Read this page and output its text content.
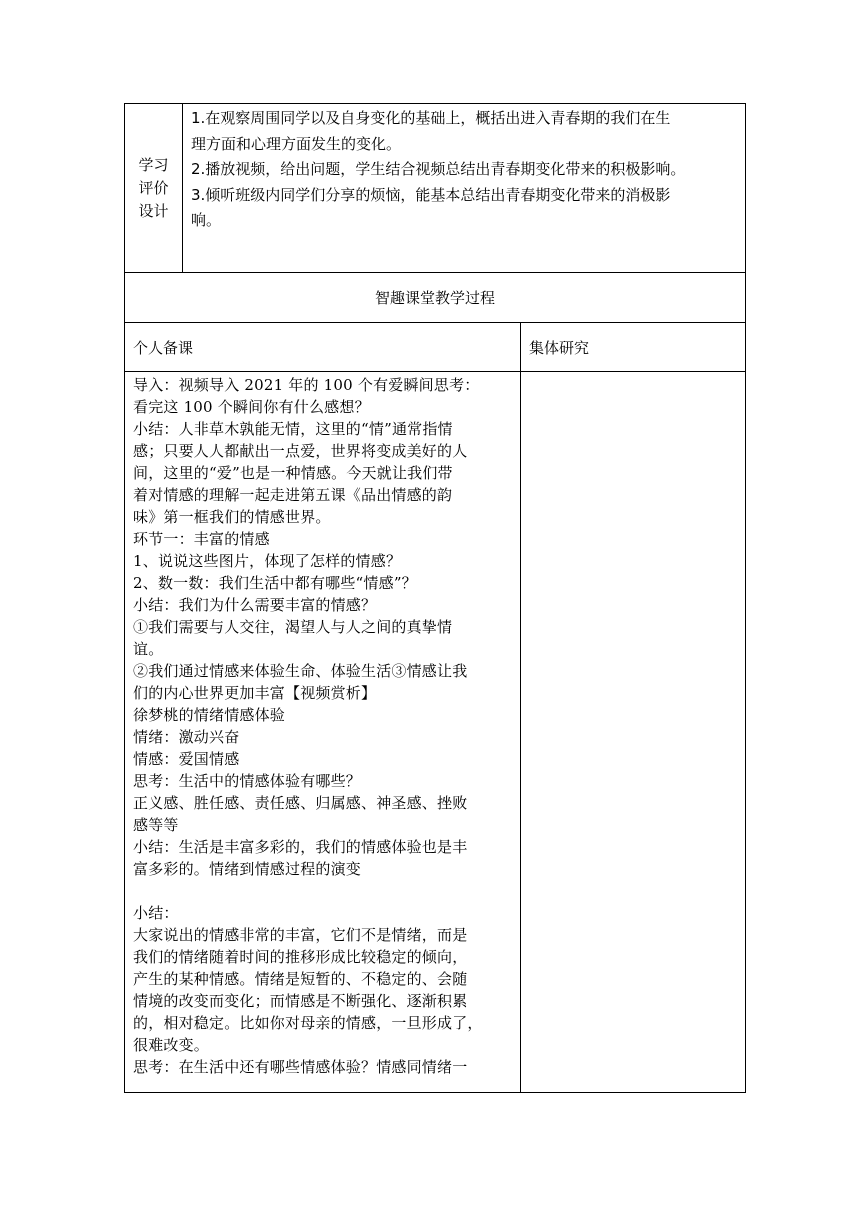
学习
评价
设计

1.在观察周围同学以及自身变化的基础上，概括出进入青春期的我们在生

理方面和心理方面发生的变化。

2.播放视频，给出问题，学生结合视频总结出青春期变化带来的积极影响。

3.倾听班级内同学们分享的烦恼，能基本总结出青春期变化带来的消极影

响。

智趣课堂教学过程
个人备课	集体研究
导入：视频导入 2021 年的 100 个有爱瞬间思考：
看完这 100 个瞬间你有什么感想？
小结：人非草木孰能无情，这里的“情”通常指情
感；只要人人都献出一点爱，世界将变成美好的人
间，这里的“爱”也是一种情感。今天就让我们带
着对情感的理解一起走进第五课《品出情感的韵
味》第一框我们的情感世界。
环节一：丰富的情感
1、说说这些图片，体现了怎样的情感？
2、数一数：我们生活中都有哪些“情感”？
小结：我们为什么需要丰富的情感？
①我们需要与人交往，渴望人与人之间的真挚情
谊。
②我们通过情感来体验生命、体验生活③情感让我
们的内心世界更加丰富【视频赏析】
徐梦桃的情绪情感体验
情绪：激动兴奋
情感：爱国情感
思考：生活中的情感体验有哪些？
正义感、胜任感、责任感、归属感、神圣感、挫败
感等等
小结：生活是丰富多彩的，我们的情感体验也是丰
富多彩的。情绪到情感过程的演变
小结：
大家说出的情感非常的丰富，它们不是情绪，而是
我们的情绪随着时间的推移形成比较稳定的倾向，
产生的某种情感。情绪是短暂的、不稳定的、会随
情境的改变而变化；而情感是不断强化、逐渐积累
的，相对稳定。比如你对母亲的情感，一旦形成了，
很难改变。
思考：在生活中还有哪些情感体验？情感同情绪一
